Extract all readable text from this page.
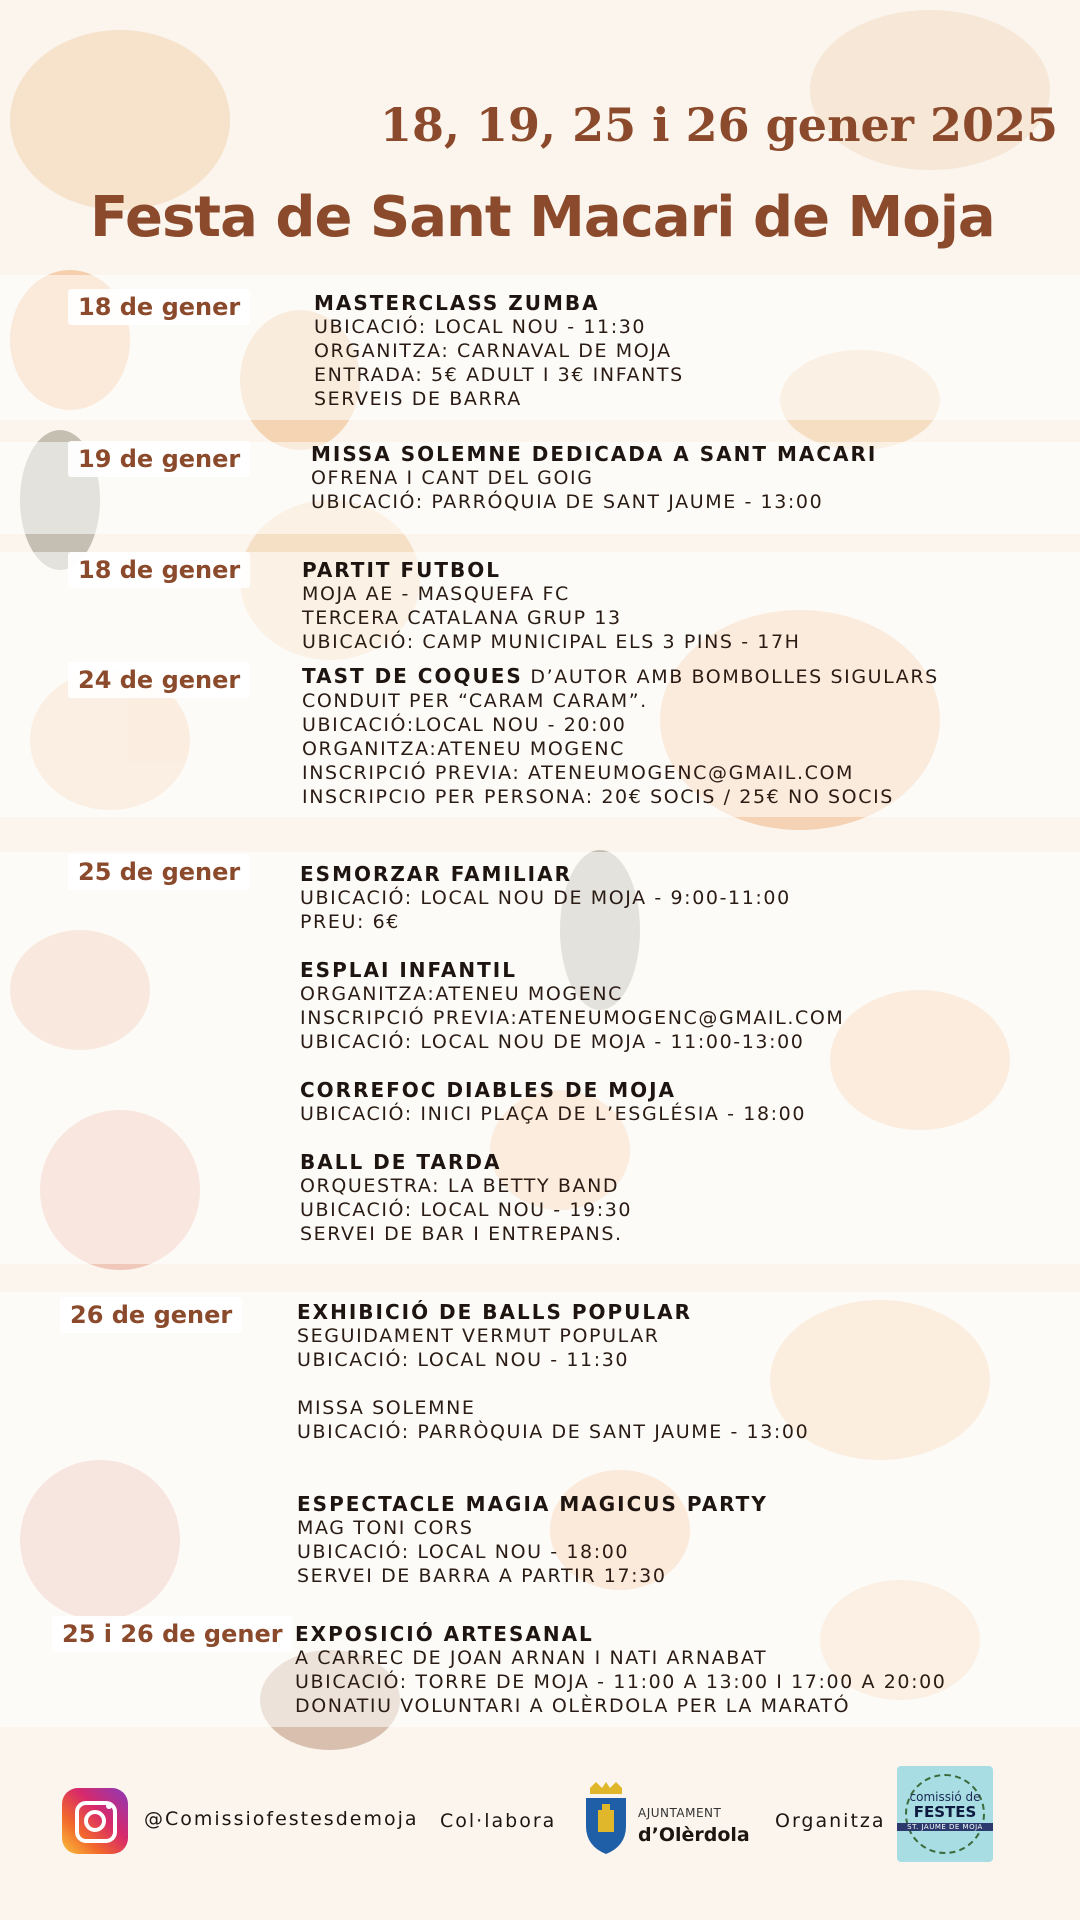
18, 19, 25 i 26 gener 2025
Festa de Sant Macari de Moja
18 de gener
19 de gener
18 de gener
24 de gener
25 de gener
26 de gener
25 i 26 de gener
MASTERCLASS ZUMBA
UBICACIÓ: LOCAL NOU - 11:30
ORGANITZA: CARNAVAL DE MOJA
ENTRADA: 5€ ADULT I 3€ INFANTS
SERVEIS DE BARRA
MISSA SOLEMNE DEDICADA A SANT MACARI
OFRENA I CANT DEL GOIG
UBICACIÓ: PARRÓQUIA DE SANT JAUME - 13:00
PARTIT FUTBOL
MOJA AE - MASQUEFA FC
TERCERA CATALANA GRUP 13
UBICACIÓ: CAMP MUNICIPAL ELS 3 PINS - 17H
TAST DE COQUES D’AUTOR AMB BOMBOLLES SIGULARS
CONDUIT PER “CARAM CARAM”.
UBICACIÓ:LOCAL NOU - 20:00
ORGANITZA:ATENEU MOGENC
INSCRIPCIÓ PREVIA: ATENEUMOGENC@GMAIL.COM
INSCRIPCIO PER PERSONA: 20€ SOCIS / 25€ NO SOCIS
ESMORZAR FAMILIAR
UBICACIÓ: LOCAL NOU DE MOJA - 9:00-11:00
PREU: 6€
ESPLAI INFANTIL
ORGANITZA:ATENEU MOGENC
INSCRIPCIÓ PREVIA:ATENEUMOGENC@GMAIL.COM
UBICACIÓ: LOCAL NOU DE MOJA - 11:00-13:00
CORREFOC DIABLES DE MOJA
UBICACIÓ: INICI PLAÇA DE L’ESGLÉSIA - 18:00
BALL DE TARDA
ORQUESTRA: LA BETTY BAND
UBICACIÓ: LOCAL NOU - 19:30
SERVEI DE BAR I ENTREPANS.
EXHIBICIÓ DE BALLS POPULAR
SEGUIDAMENT VERMUT POPULAR
UBICACIÓ: LOCAL NOU - 11:30
MISSA SOLEMNE
UBICACIÓ: PARRÒQUIA DE SANT JAUME - 13:00
ESPECTACLE MAGIA MAGICUS PARTY
MAG TONI CORS
UBICACIÓ: LOCAL NOU - 18:00
SERVEI DE BARRA A PARTIR 17:30
EXPOSICIÓ ARTESANAL
A CARREC DE JOAN ARNAN I NATI ARNABAT
UBICACIÓ: TORRE DE MOJA - 11:00 A 13:00 I 17:00 A 20:00
DONATIU VOLUNTARI A OLÈRDOLA PER LA MARATÓ
@Comissiofestesdemoja Col·labora	AJUNTAMENT
d’Olèrdola
Organitza
comissió de
FESTES
ST. JAUME DE MOJA
